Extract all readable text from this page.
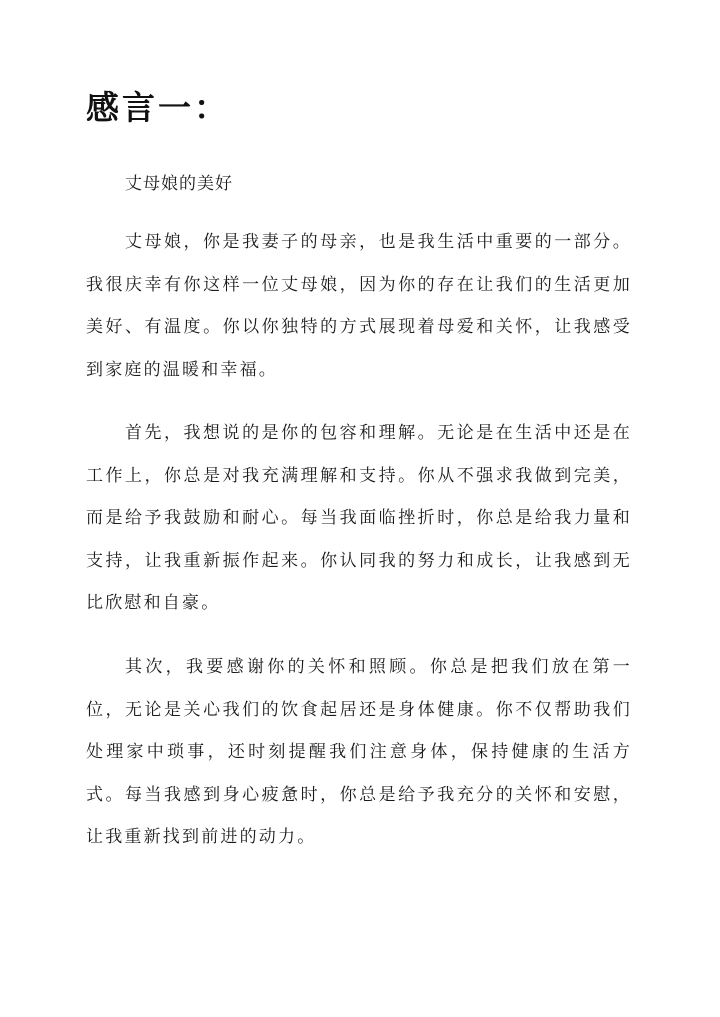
感言一：

丈母娘的美好

丈母娘，你是我妻子的母亲，也是我生活中重要的一部分。我很庆幸有你这样一位丈母娘，因为你的存在让我们的生活更加美好、有温度。你以你独特的方式展现着母爱和关怀，让我感受到家庭的温暖和幸福。

首先，我想说的是你的包容和理解。无论是在生活中还是在工作上，你总是对我充满理解和支持。你从不强求我做到完美，而是给予我鼓励和耐心。每当我面临挫折时，你总是给我力量和支持，让我重新振作起来。你认同我的努力和成长，让我感到无比欣慰和自豪。

其次，我要感谢你的关怀和照顾。你总是把我们放在第一位，无论是关心我们的饮食起居还是身体健康。你不仅帮助我们处理家中琐事，还时刻提醒我们注意身体，保持健康的生活方式。每当我感到身心疲惫时，你总是给予我充分的关怀和安慰，让我重新找到前进的动力。
